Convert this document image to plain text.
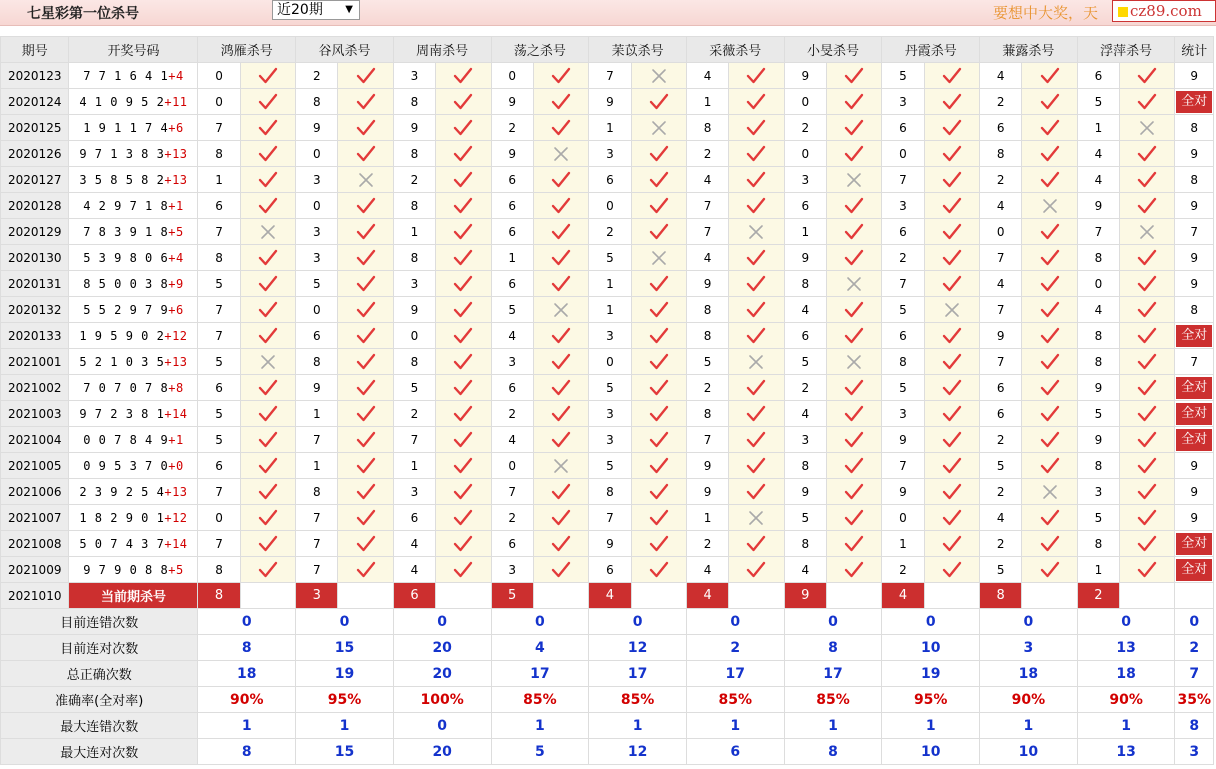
七星彩第一位杀号	近20期 ▼	要想中大奖，天	cz89.com
期号	开奖号码	鸿雁杀号		谷风杀号		周南杀号		荡之杀号		苿苡杀号		采薇杀号		小旻杀号		丹霞杀号		蒹露杀号		浮萍杀号		统计
2020123	7 7 1 6 4 1+4	0		2		3		0		7		4		9		5		4		6		9
2020124	4 1 0 9 5 2+11	0		8		8		9		9		1		0		3		2		5		全对
2020125	1 9 1 1 7 4+6	7		9		9		2		1		8		2		6		6		1		8
2020126	9 7 1 3 8 3+13	8		0		8		9		3		2		0		0		8		4		9
2020127	3 5 8 5 8 2+13	1		3		2		6		6		4		3		7		2		4		8
2020128	4 2 9 7 1 8+1	6		0		8		6		0		7		6		3		4		9		9
2020129	7 8 3 9 1 8+5	7		3		1		6		2		7		1		6		0		7		7
2020130	5 3 9 8 0 6+4	8		3		8		1		5		4		9		2		7		8		9
2020131	8 5 0 0 3 8+9	5		5		3		6		1		9		8		7		4		0		9
2020132	5 5 2 9 7 9+6	7		0		9		5		1		8		4		5		7		4		8
2020133	1 9 5 9 0 2+12	7		6		0		4		3		8		6		6		9		8		全对
2021001	5 2 1 0 3 5+13	5		8		8		3		0		5		5		8		7		8		7
2021002	7 0 7 0 7 8+8	6		9		5		6		5		2		2		5		6		9		全对
2021003	9 7 2 3 8 1+14	5		1		2		2		3		8		4		3		6		5		全对
2021004	0 0 7 8 4 9+1	5		7		7		4		3		7		3		9		2		9		全对
2021005	0 9 5 3 7 0+0	6		1		1		0		5		9		8		7		5		8		9
2021006	2 3 9 2 5 4+13	7		8		3		7		8		9		9		9		2		3		9
2021007	1 8 2 9 0 1+12	0		7		6		2		7		1		5		0		4		5		9
2021008	5 0 7 4 3 7+14	7		7		4		6		9		2		8		1		2		8		全对
2021009	9 7 9 0 8 8+5	8		7		4		3		6		4		4		2		5		1		全对
2021010	当前期杀号	8		3		6		5		4		4		9		4		8		2		
目前连错次数		0		0		0		0		0		0		0		0		0		0		0
目前连对次数		8		15		20		4		12		2		8		10		3		13		2
总正确次数		18		19		20		17		17		17		17		19		18		18		7
准确率(全对率)		90%		95%		100%		85%		85%		85%		85%		95%		90%		90%		35%
最大连错次数		1		1		0		1		1		1		1		1		1		1		8
最大连对次数		8		15		20		5		12		6		8		10		10		13		3
